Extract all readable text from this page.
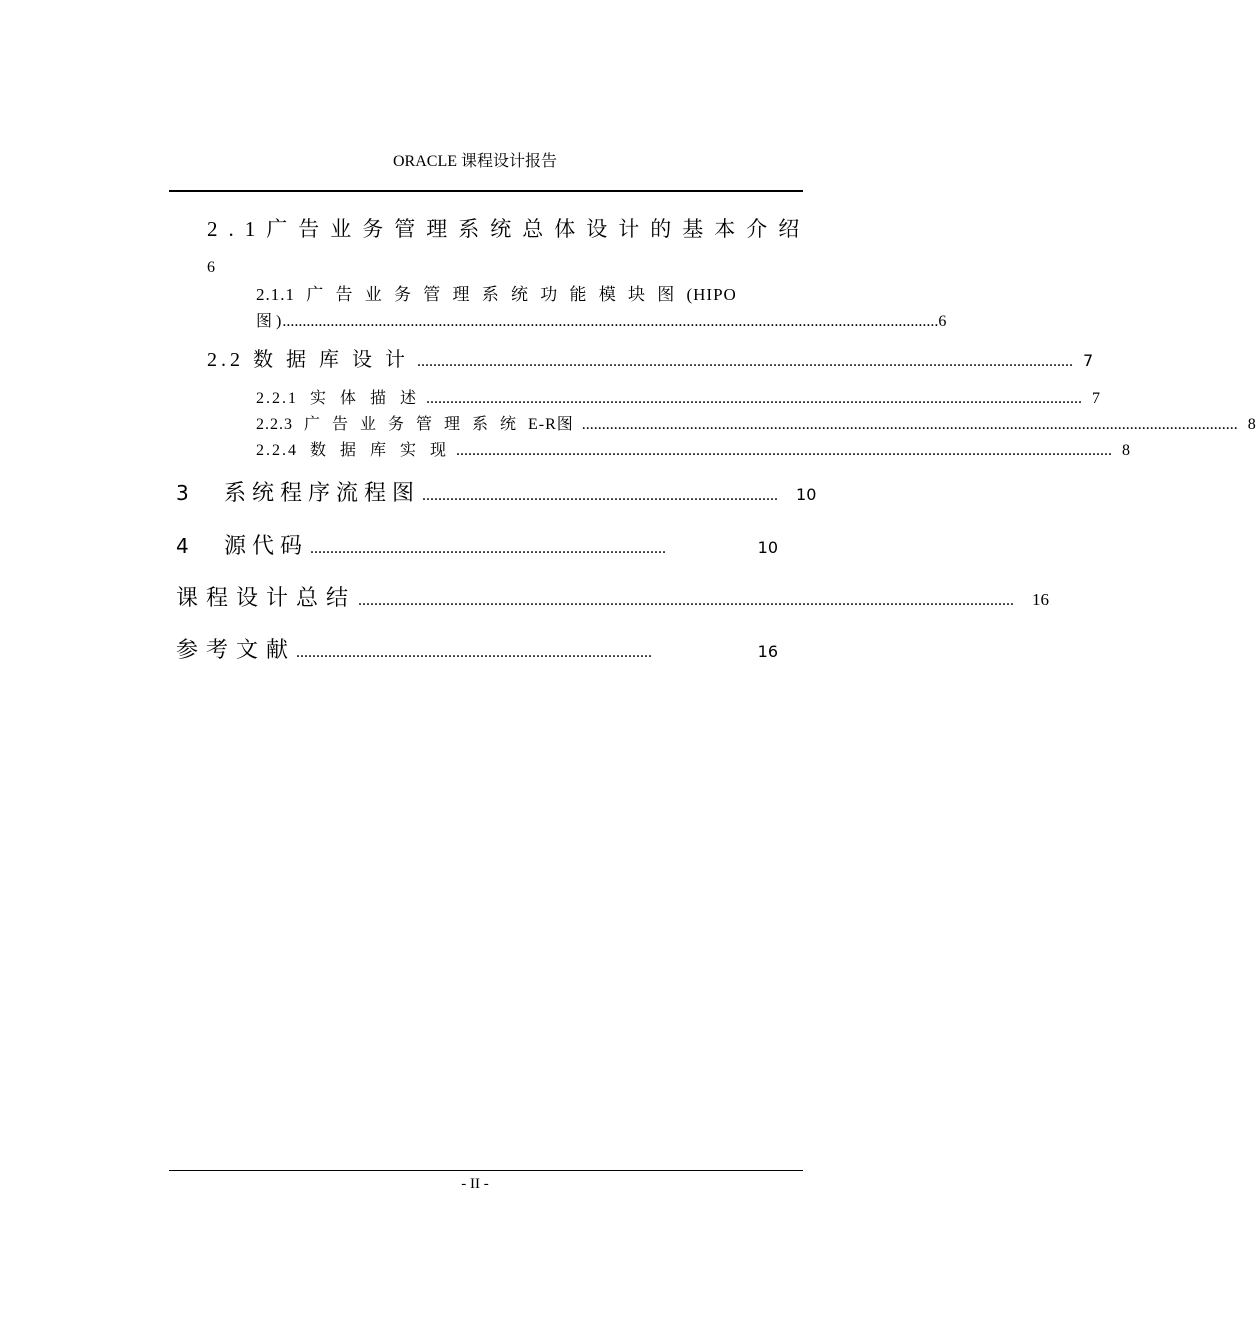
ORACLE 课程设计报告
2.1广告业务管理系统总体设计的基本介绍
6
2.1.1 广 告 业 务 管 理 系 统 功 能 模 块 图 (HIPO
图 ) .................................................................................................................................................................... 6
2.2 数 据 库 设 计 .................................................................................................................................................................... 7
2.2.1 实 体 描 述 .................................................................................................................................................................... 7
2.2.3 广 告 业 务 管 理 系 统 E-R图 .................................................................................................................................................................... 8
2.2.4 数 据 库 实 现 .................................................................................................................................................................... 8
3	系统程序流程图 ......................................................................................... 10
4	源代码 .........................................................................................	10
课程设计总结 .................................................................................................................................................................... 16
参考文献 .........................................................................................	16
- II -
